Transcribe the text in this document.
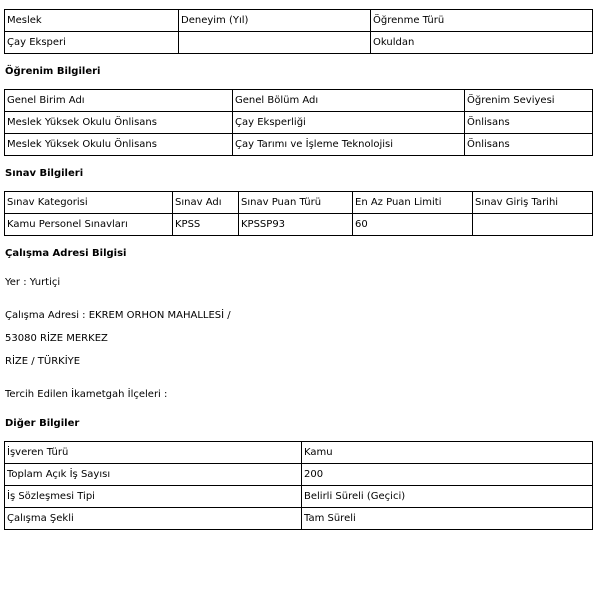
Meslek	Deneyim (Yıl)	Öğrenme Türü
Çay Eksperi		Okuldan
Öğrenim Bilgileri
Genel Birim Adı	Genel Bölüm Adı	Öğrenim Seviyesi
Meslek Yüksek Okulu Önlisans	Çay Eksperliği	Önlisans
Meslek Yüksek Okulu Önlisans	Çay Tarımı ve İşleme Teknolojisi	Önlisans
Sınav Bilgileri
Sınav Kategorisi	Sınav Adı	Sınav Puan Türü	En Az Puan Limiti	Sınav Giriş Tarihi
Kamu Personel Sınavları	KPSS	KPSSP93	60	
Çalışma Adresi Bilgisi
Yer : Yurtiçi
Çalışma Adresi : EKREM ORHON MAHALLESİ /
53080 RİZE MERKEZ
RİZE / TÜRKİYE
Tercih Edilen İkametgah İlçeleri :
Diğer Bilgiler
İşveren Türü	Kamu
Toplam Açık İş Sayısı	200
İş Sözleşmesi Tipi	Belirli Süreli (Geçici)
Çalışma Şekli	Tam Süreli
